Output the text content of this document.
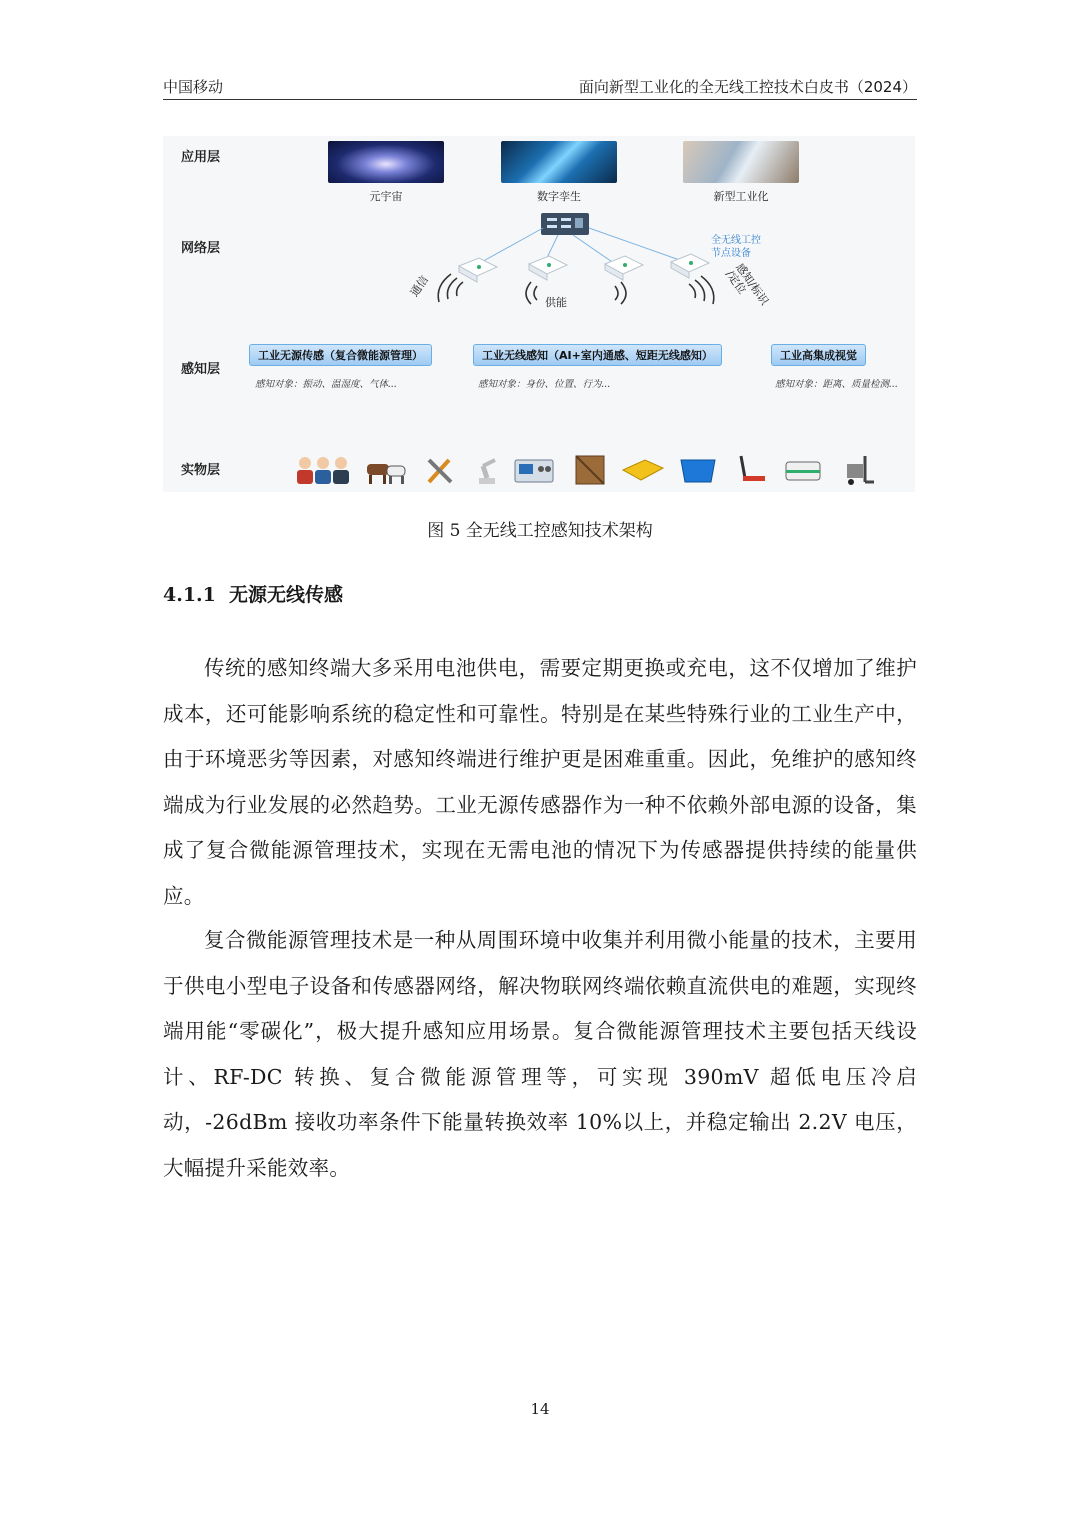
中国移动	面向新型工业化的全无线工控技术白皮书（2024）
应用层
网络层
感知层
实物层
元宇宙	数字孪生	新型工业化
全无线工控
节点设备
通信
供能	感知/标识
/定位
工业无源传感（复合微能源管理）	工业无线感知（AI+室内通感、短距无线感知）	工业高集成视觉
感知对象：振动、温湿度、气体...	感知对象：身份、位置、行为...	感知对象：距离、质量检测...
图 5 全无线工控感知技术架构
4.1.1 无源无线传感

传统的感知终端大多采用电池供电，需要定期更换或充电，这不仅增加了维护成本，还可能影响系统的稳定性和可靠性。特别是在某些特殊行业的工业生产中，由于环境恶劣等因素，对感知终端进行维护更是困难重重。因此，免维护的感知终端成为行业发展的必然趋势。工业无源传感器作为一种不依赖外部电源的设备，集成了复合微能源管理技术，实现在无需电池的情况下为传感器提供持续的能量供应。

复合微能源管理技术是一种从周围环境中收集并利用微小能量的技术，主要用于供电小型电子设备和传感器网络，解决物联网终端依赖直流供电的难题，实现终端用能“零碳化”，极大提升感知应用场景。复合微能源管理技术主要包括天线设计、RF-DC 转换、复合微能源管理等，可实现 390mV 超低电压冷启动，-26dBm 接收功率条件下能量转换效率 10%以上，并稳定输出 2.2V 电压，大幅提升采能效率。

14
